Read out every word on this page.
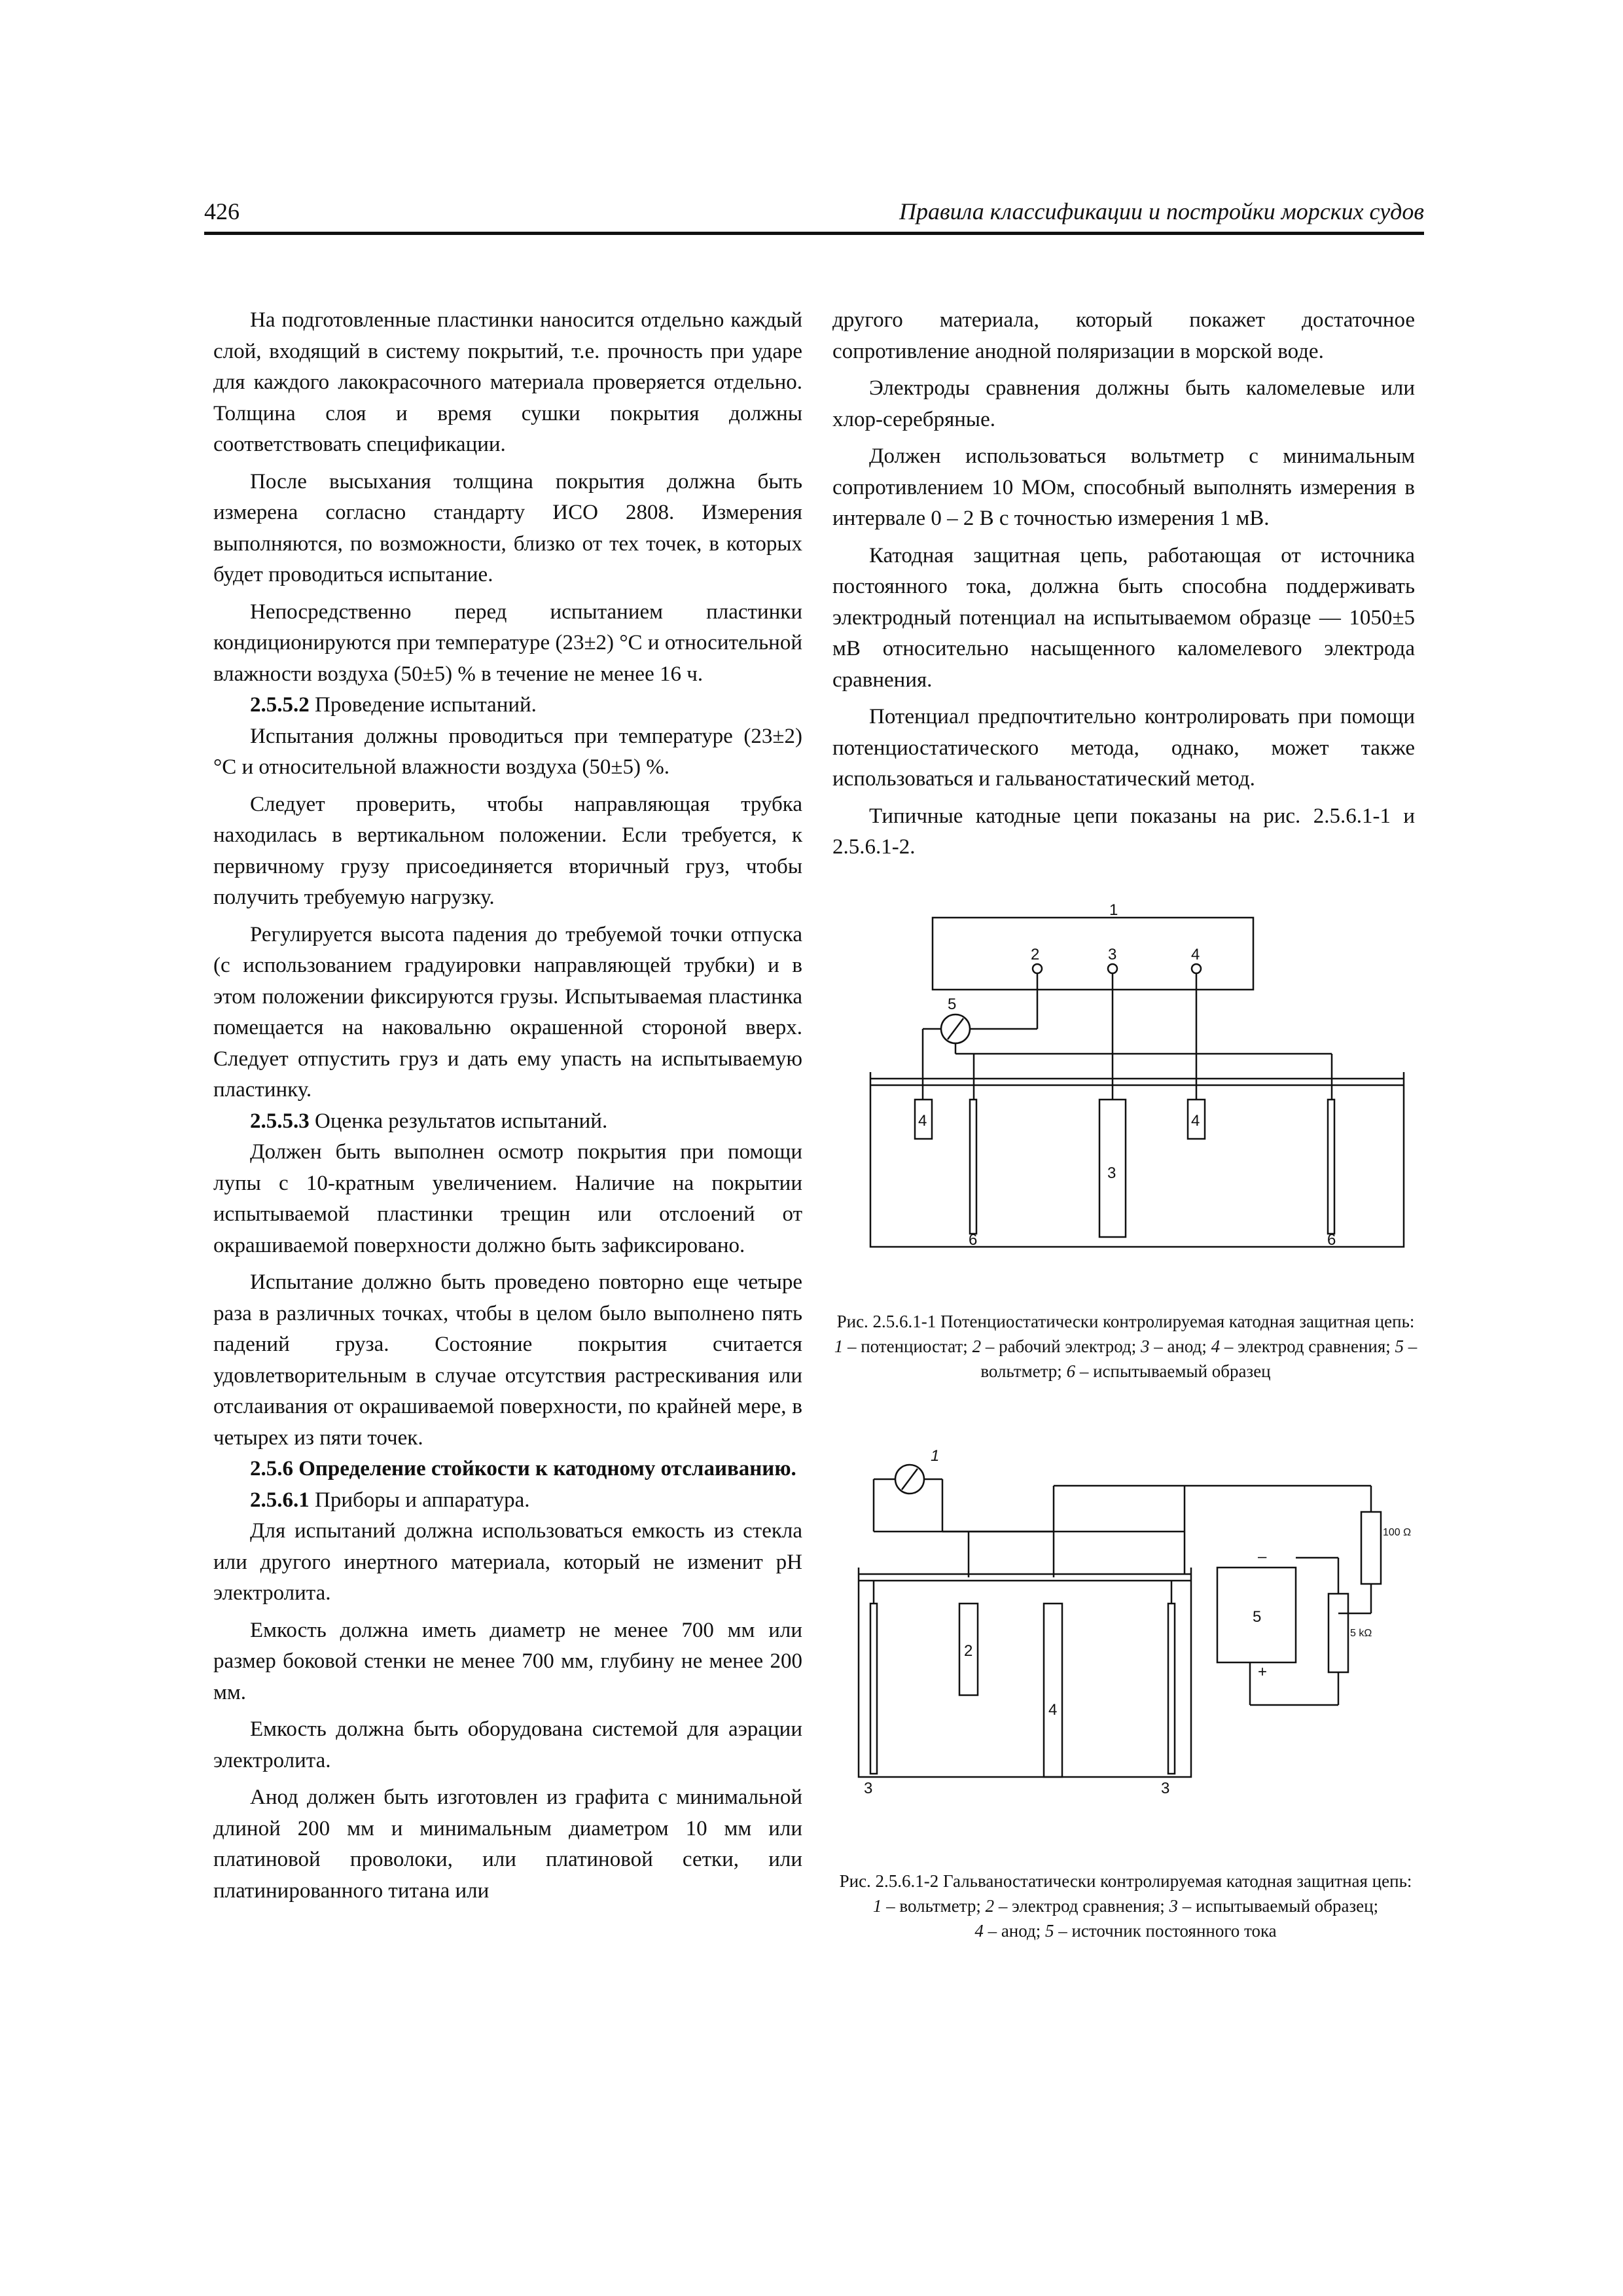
426	Правила классификации и постройки морских судов

На подготовленные пластинки наносится отдельно каждый слой, входящий в систему покрытий, т.е. прочность при ударе для каждого лакокрасочного материала проверяется отдельно. Толщина слоя и время сушки покрытия должны соответствовать спецификации.

После высыхания толщина покрытия должна быть измерена согласно стандарту ИСО 2808. Измерения выполняются, по возможности, близко от тех точек, в которых будет проводиться испытание.

Непосредственно перед испытанием пластинки кондиционируются при температуре (23±2) °С и относительной влажности воздуха (50±5) % в течение не менее 16 ч.

2.5.5.2 Проведение испытаний.

Испытания должны проводиться при температуре (23±2) °С и относительной влажности воздуха (50±5) %.

Следует проверить, чтобы направляющая трубка находилась в вертикальном положении. Если требуется, к первичному грузу присоединяется вторичный груз, чтобы получить требуемую нагрузку.

Регулируется высота падения до требуемой точки отпуска (с использованием градуировки направляющей трубки) и в этом положении фиксируются грузы. Испытываемая пластинка помещается на наковальню окрашенной стороной вверх. Следует отпустить груз и дать ему упасть на испытываемую пластинку.

2.5.5.3 Оценка результатов испытаний.

Должен быть выполнен осмотр покрытия при помощи лупы с 10-кратным увеличением. Наличие на покрытии испытываемой пластинки трещин или отслоений от окрашиваемой поверхности должно быть зафиксировано.

Испытание должно быть проведено повторно еще четыре раза в различных точках, чтобы в целом было выполнено пять падений груза. Состояние покрытия считается удовлетворительным в случае отсутствия растрескивания или отслаивания от окрашиваемой поверхности, по крайней мере, в четырех из пяти точек.

2.5.6 Определение стойкости к катодному отслаиванию.

2.5.6.1 Приборы и аппаратура.

Для испытаний должна использоваться емкость из стекла или другого инертного материала, который не изменит pH электролита.

Емкость должна иметь диаметр не менее 700 мм или размер боковой стенки не менее 700 мм, глубину не менее 200 мм.

Емкость должна быть оборудована системой для аэрации электролита.

Анод должен быть изготовлен из графита с минимальной длиной 200 мм и минимальным диаметром 10 мм или платиновой проволоки, или платиновой сетки, или платинированного титана или

другого материала, который покажет достаточное сопротивление анодной поляризации в морской воде.

Электроды сравнения должны быть каломелевые или хлор-серебряные.

Должен использоваться вольтметр с минимальным сопротивлением 10 МОм, способный выполнять измерения в интервале 0 – 2 В с точностью измерения 1 мВ.

Катодная защитная цепь, работающая от источника постоянного тока, должна быть способна поддерживать электродный потенциал на испытываемом образце — 1050±5 мВ относительно насыщенного каломелевого электрода сравнения.

Потенциал предпочтительно контролировать при помощи потенциостатического метода, однако, может также использоваться и гальваностатический метод.

Типичные катодные цепи показаны на рис. 2.5.6.1-1 и 2.5.6.1-2.

1
2	3	4
5
4
3
4
6	6
Рис. 2.5.6.1-1 Потенциостатически контролируемая катодная защитная цепь:
1 – потенциостат; 2 – рабочий электрод; 3 – анод; 4 – электрод сравнения; 5 – вольтметр; 6 – испытываемый образец
1
100 Ω
5 kΩ
5
2
4
3	3
–
+
Рис. 2.5.6.1-2 Гальваностатически контролируемая катодная защитная цепь:
1 – вольтметр; 2 – электрод сравнения; 3 – испытываемый образец;
4 – анод; 5 – источник постоянного тока
